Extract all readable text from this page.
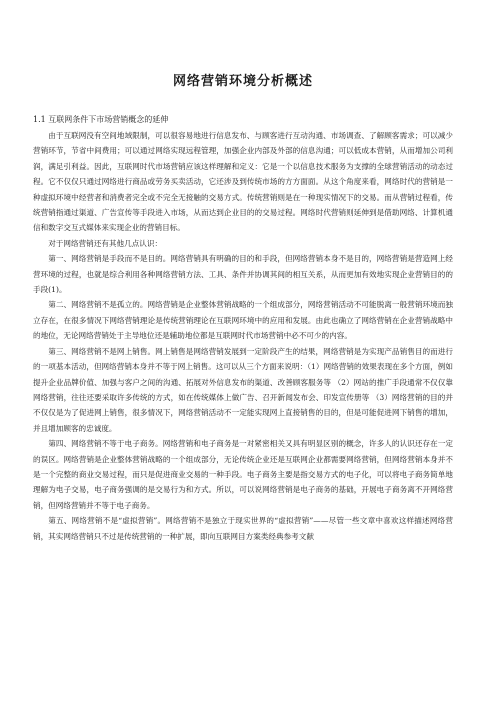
网络营销环境分析概述
1.1 互联网条件下市场营销概念的延伸

由于互联网没有空间地域限制，可以很容易地进行信息发布、与顾客进行互动沟通、市场调查、了解顾客需求；可以减少营销环节，节省中间费用；可以通过网络实现远程管理，加强企业内部及外部的信息沟通；可以低成本营销，从而增加公司利润，满足引利益。因此，互联网时代市场营销应该这样理解和定义：它是一个以信息技术服务为支撑的全球营销活动的动态过程。它不仅仅只通过网络进行商品或劳务买卖活动，它还涉及到传统市场的方方面面。从这个角度来看，网络时代的营销是一种虚拟环境中经营者和消费者完全或不完全无接触的交易方式。传统营销则是在一种现实情况下的交易。而从营销过程看，传统营销指通过渠道、广告宣传等手段进入市场，从而达到企业目的的交易过程。网络时代营销则延伸到是借助网络、计算机通信和数字交互式媒体来实现企业的营销目标。

对于网络营销还有其他几点认识：

第一、网络营销是手段而不是目的。网络营销具有明确的目的和手段，但网络营销本身不是目的，网络营销是营造网上经营环境的过程，也就是综合利用各种网络营销方法、工具、条件并协调其间的相互关系，从而更加有效地实现企业营销目的的手段(1)。

第二、网络营销不是孤立的。网络营销是企业整体营销战略的一个组成部分，网络营销活动不可能脱离一般营销环境而独立存在，在很多情况下网络营销理论是传统营销理论在互联网环境中的应用和发展。由此也确立了网络营销在企业营销战略中的地位，无论网络营销处于主导地位还是辅助地位都是互联网时代市场营销中必不可少的内容。

第三、网络营销不是网上销售。网上销售是网络营销发展到一定阶段产生的结果，网络营销是为实现产品销售目的而进行的一项基本活动，但网络营销本身并不等于网上销售。这可以从三个方面来说明：（1）网络营销的效果表现在多个方面，例如提升企业品牌价值、加强与客户之间的沟通、拓展对外信息发布的渠道、改善顾客服务等 （2）网站的推广手段通常不仅仅靠网络营销，往往还要采取许多传统的方式，如在传统媒体上做广告、召开新闻发布会、印发宣传册等 （3）网络营销的目的并不仅仅是为了促进网上销售，很多情况下，网络营销活动不一定能实现网上直接销售的目的，但是可能促进网下销售的增加，并且增加顾客的忠诚度。

第四、网络营销不等于电子商务。网络营销和电子商务是一对紧密相关又具有明显区别的概念，许多人的认识还存在一定的误区。网络营销是企业整体营销战略的一个组成部分，无论传统企业还是互联网企业都需要网络营销，但网络营销本身并不是一个完整的商业交易过程，而只是促进商业交易的一种手段。电子商务主要是指交易方式的电子化，可以将电子商务简单地理解为电子交易，电子商务强调的是交易行为和方式。所以，可以说网络营销是电子商务的基础，开展电子商务离不开网络营销，但网络营销并不等于电子商务。

第五、网络营销不是“虚拟营销”。网络营销不是独立于现实世界的“虚拟营销”——尽管一些文章中喜欢这样描述网络营销，其实网络营销只不过是传统营销的一种扩展，即向互联网目方案类经典参考文献
